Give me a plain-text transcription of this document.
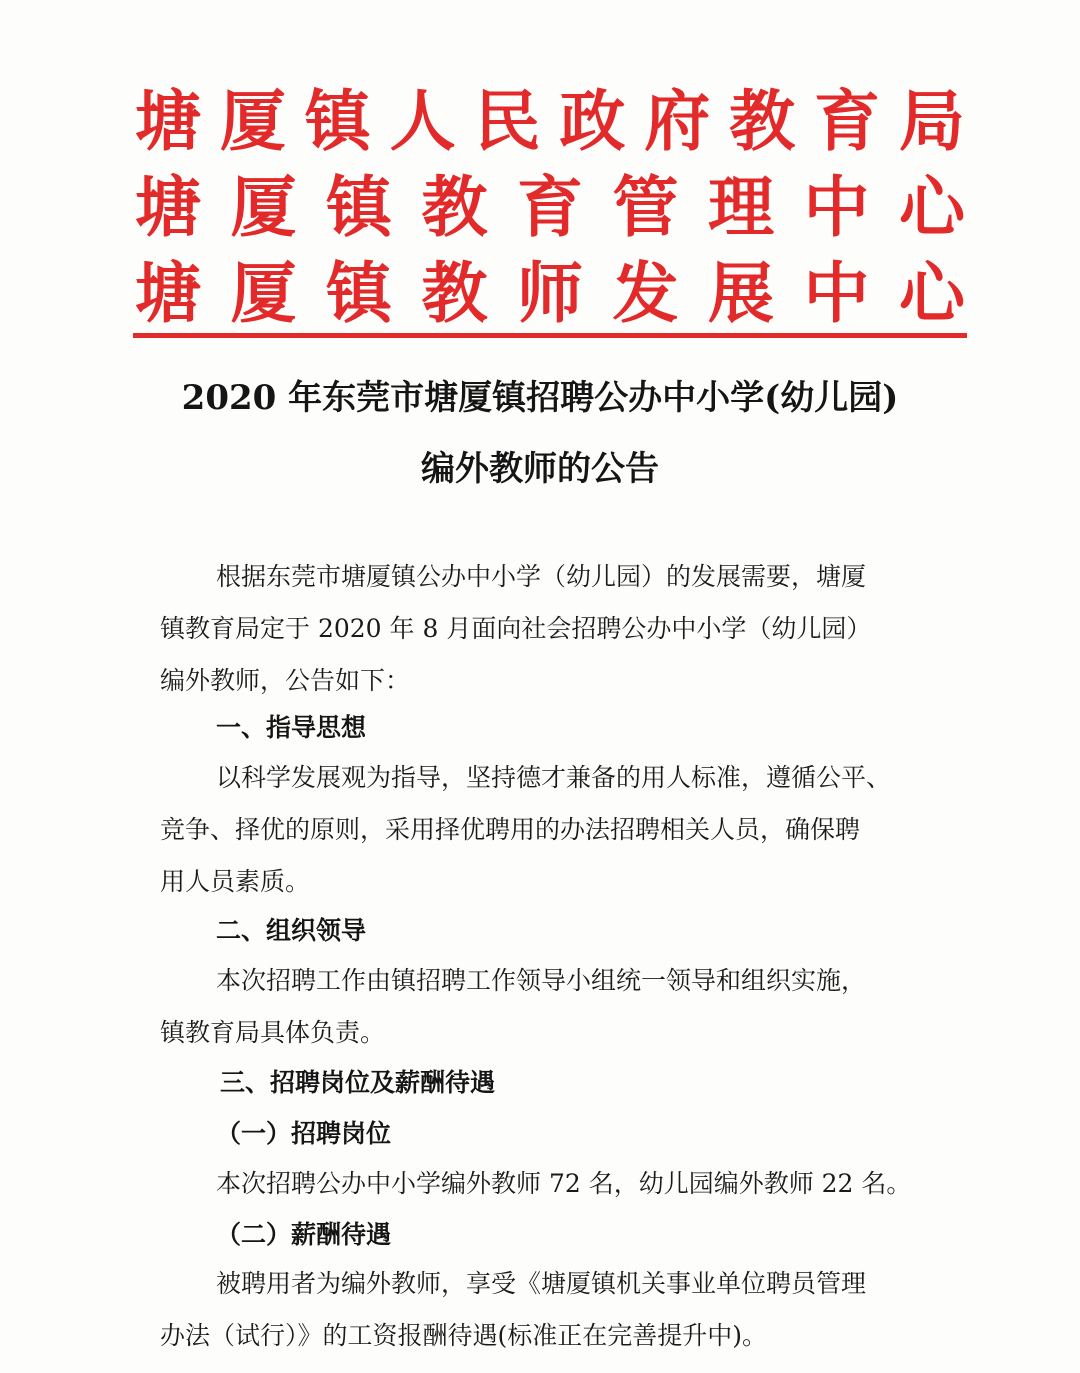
塘 厦 镇 人 民 政 府 教 育 局
塘 厦 镇 教 育 管 理 中 心
塘 厦 镇 教 师 发 展 中 心
2020 年东莞市塘厦镇招聘公办中小学(幼儿园)
编外教师的公告
根据东莞市塘厦镇公办中小学（幼儿园）的发展需要，塘厦
镇教育局定于 2020 年 8 月面向社会招聘公办中小学（幼儿园）
编外教师，公告如下：
一、指导思想
以科学发展观为指导，坚持德才兼备的用人标准，遵循公平、
竞争、择优的原则，采用择优聘用的办法招聘相关人员，确保聘
用人员素质。
二、组织领导
本次招聘工作由镇招聘工作领导小组统一领导和组织实施，
镇教育局具体负责。
三、招聘岗位及薪酬待遇
（一）招聘岗位
本次招聘公办中小学编外教师 72 名，幼儿园编外教师 22 名。
（二）薪酬待遇
被聘用者为编外教师，享受《塘厦镇机关事业单位聘员管理
办法（试行）》的工资报酬待遇(标准正在完善提升中)。
